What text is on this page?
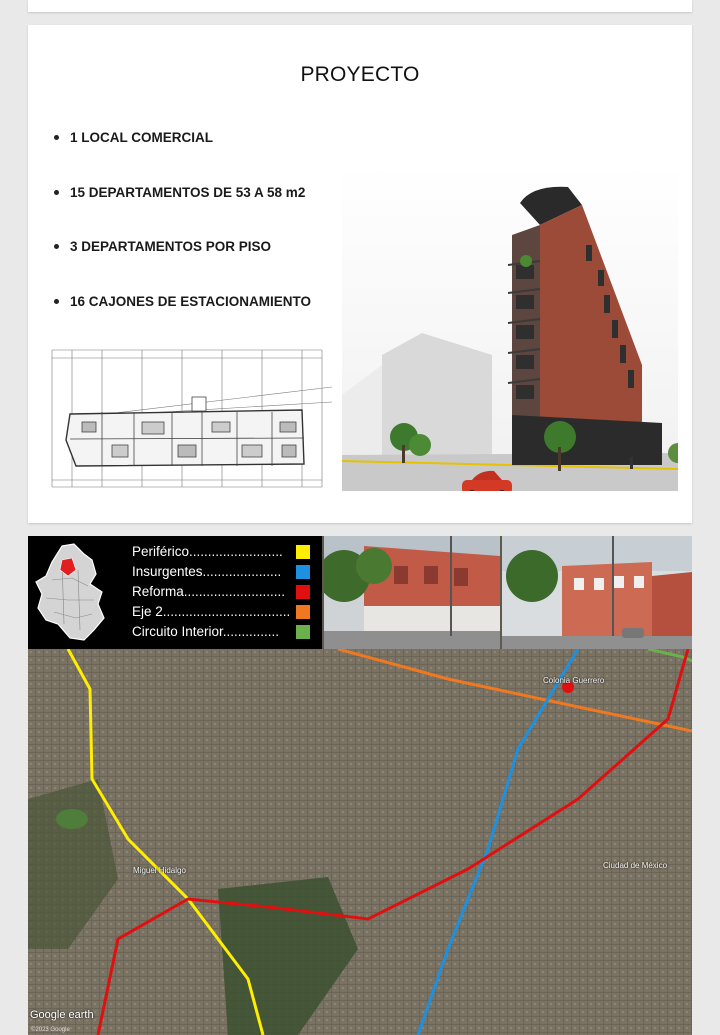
PROYECTO
1 LOCAL COMERCIAL
15 DEPARTAMENTOS DE 53 A 58 m2
3 DEPARTAMENTOS POR PISO
16 CAJONES DE ESTACIONAMIENTO
Periférico.........................
Insurgentes.....................
Reforma...........................
Eje 2..................................
Circuito Interior...............
Colonia Guerrero
Miguel Hidalgo
Ciudad de México
Google earth
©2023 Google
